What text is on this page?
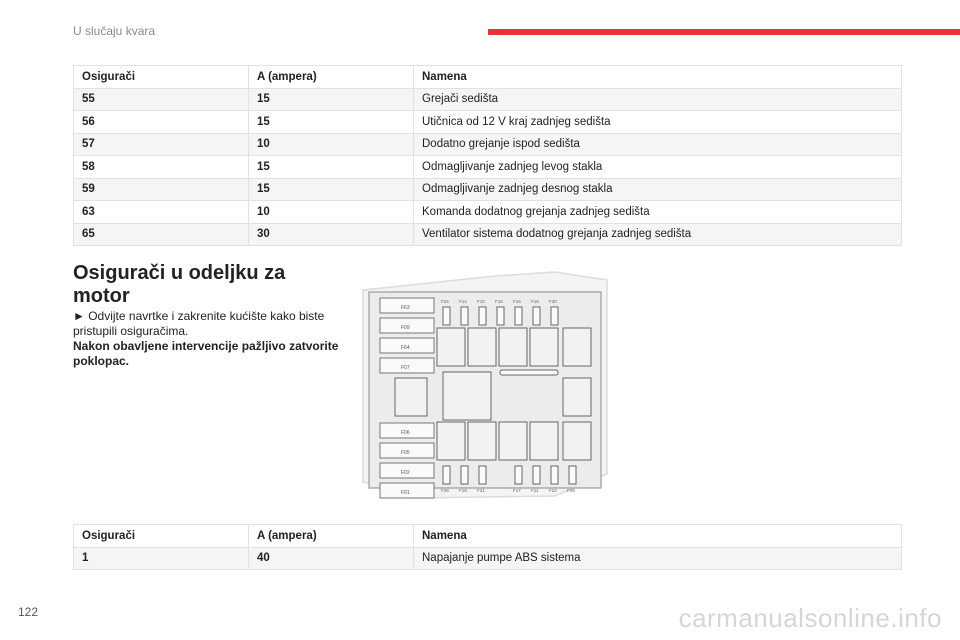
U slučaju kvara
Osigurači	A (ampera)	Namena
55	15	Grejači sedišta
56	15	Utičnica od 12 V kraj zadnjeg sedišta
57	10	Dodatno grejanje ispod sedišta
58	15	Odmagljivanje zadnjeg levog stakla
59	15	Odmagljivanje zadnjeg desnog stakla
63	10	Komanda dodatnog grejanja zadnjeg sedišta
65	30	Ventilator sistema dodatnog grejanja zadnjeg sedišta
Osigurači u odeljku za motor
► Odvijte navrtke i zakrenite kućište kako biste pristupili osiguračima.
Nakon obavljene intervencije pažljivo zatvorite poklopac.
F63
F09
F64
F07
F06
F05
F02
F01
F24 F14 F10 F15 F16 F18 F30
F28 F19 F21	F17 F11 F22 F29
Osigurači	A (ampera)	Namena
1	40	Napajanje pumpe ABS sistema
122	carmanualsonline.info
